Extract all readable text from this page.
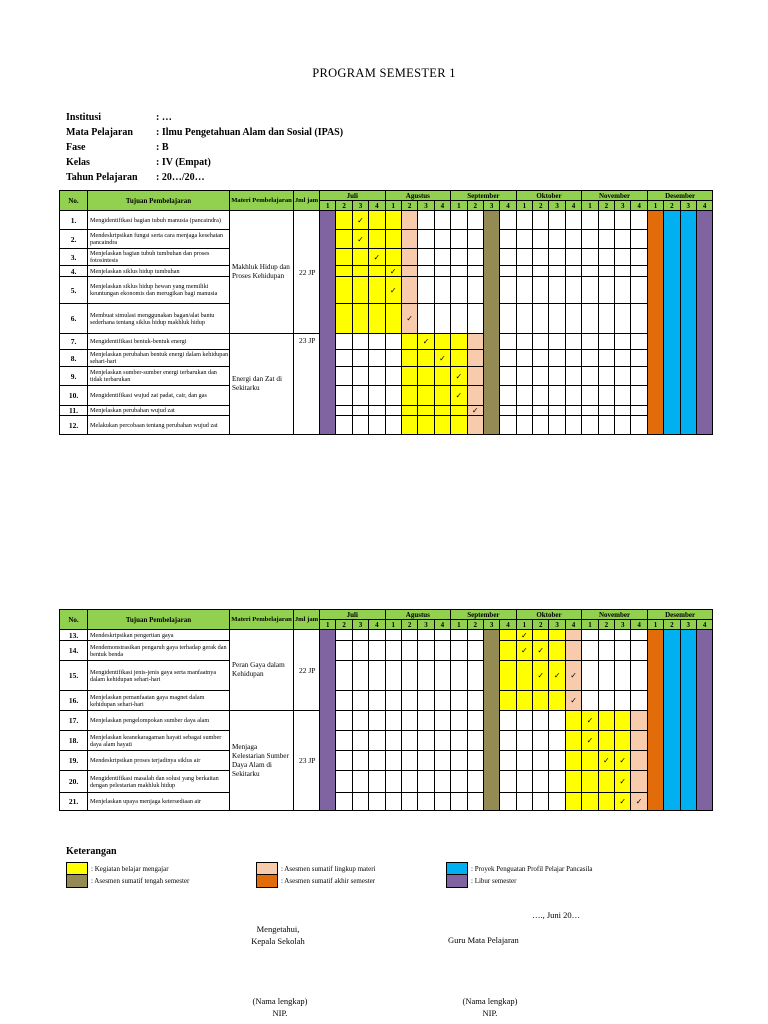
PROGRAM SEMESTER 1
Institusi	: …
Mata Pelajaran	: Ilmu Pengetahuan Alam dan Sosial (IPAS)
Fase	: B
Kelas	: IV (Empat)
Tahun Pelajaran	: 20…/20…
No.	Tujuan Pembelajaran	Materi Pembelajaran	Jml jam	Juli				Agustus				September				Oktober				November				Desember			
				1	2	3	4	1	2	3	4	1	2	3	4	1	2	3	4	1	2	3	4	1	2	3	4
1.	Mengidentifikasi bagian tubuh manusia (pancaindra)	Makhluk Hidup dan Proses Kehidupan	22 JP			✓																					
2.	Mendeskripsikan fungsi serta cara menjaga kesehatan pancaindra					✓																					
3.	Menjelaskan bagian tubuh tumbuhan dan proses fotosintesis						✓																				
4.	Menjelaskan siklus hidup tumbuhan							✓																			
5.	Menjelaskan siklus hidup hewan yang memiliki keuntungan ekonomis dan merugikan bagi manusia							✓																			
6.	Membuat simulasi menggunakan bagan/alat bantu sederhana tentang siklus hidup makhluk hidup								✓																		
7.	Mengidentifikasi bentuk-bentuk energi	Energi dan Zat di Sekitarku	23 JP							✓																	
8.	Menjelaskan perubahan bentuk energi dalam kehidupan sehari-hari										✓																
9.	Menjelaskan sumber-sumber energi terbarukan dan tidak terbarukan											✓															
10.	Mengidentifikasi wujud zat padat, cair, dan gas											✓															
11.	Menjelaskan perubahan wujud zat												✓														
12.	Melakukan percobaan tentang perubahan wujud zat																										
No.	Tujuan Pembelajaran	Materi Pembelajaran	Jml jam	Juli				Agustus				September				Oktober				November				Desember			
				1	2	3	4	1	2	3	4	1	2	3	4	1	2	3	4	1	2	3	4	1	2	3	4
13.	Mendeskripsikan pengertian gaya	Peran Gaya dalam Kehidupan	22 JP													✓											
14.	Mendemonstrasikan pengaruh gaya terhadap gerak dan bentuk benda															✓	✓										
15.	Mengidentifikasi jenis-jenis gaya serta manfaatnya dalam kehidupan sehari-hari																✓	✓	✓								
16.	Menjelaskan pemanfaatan gaya magnet dalam kehidupan sehari-hari																		✓								
17.	Menjelaskan pengelompokan sumber daya alam	Menjaga Kelestarian Sumber Daya Alam di Sekitarku	23 JP																	✓							
18.	Menjelaskan keanekaragaman hayati sebagai sumber daya alam hayati																			✓							
19.	Mendeskripsikan proses terjadinya siklus air																				✓	✓					
20.	Mengidentifikasi masalah dan solusi yang berkaitan dengan pelestarian makhluk hidup																					✓					
21.	Menjelaskan upaya menjaga ketersediaan air																					✓	✓				
Keterangan
: Kegiatan belajar mengajar
: Asesmen sumatif tengah semester
: Asesmen sumatif lingkup materi
: Asesmen sumatif akhir semester
: Proyek Penguatan Profil Pelajar Pancasila
: Libur semester
…., Juni 20…
Mengetahui,
Kepala Sekolah	Guru Mata Pelajaran
(Nama lengkap)
NIP.
(Nama lengkap)
NIP.
